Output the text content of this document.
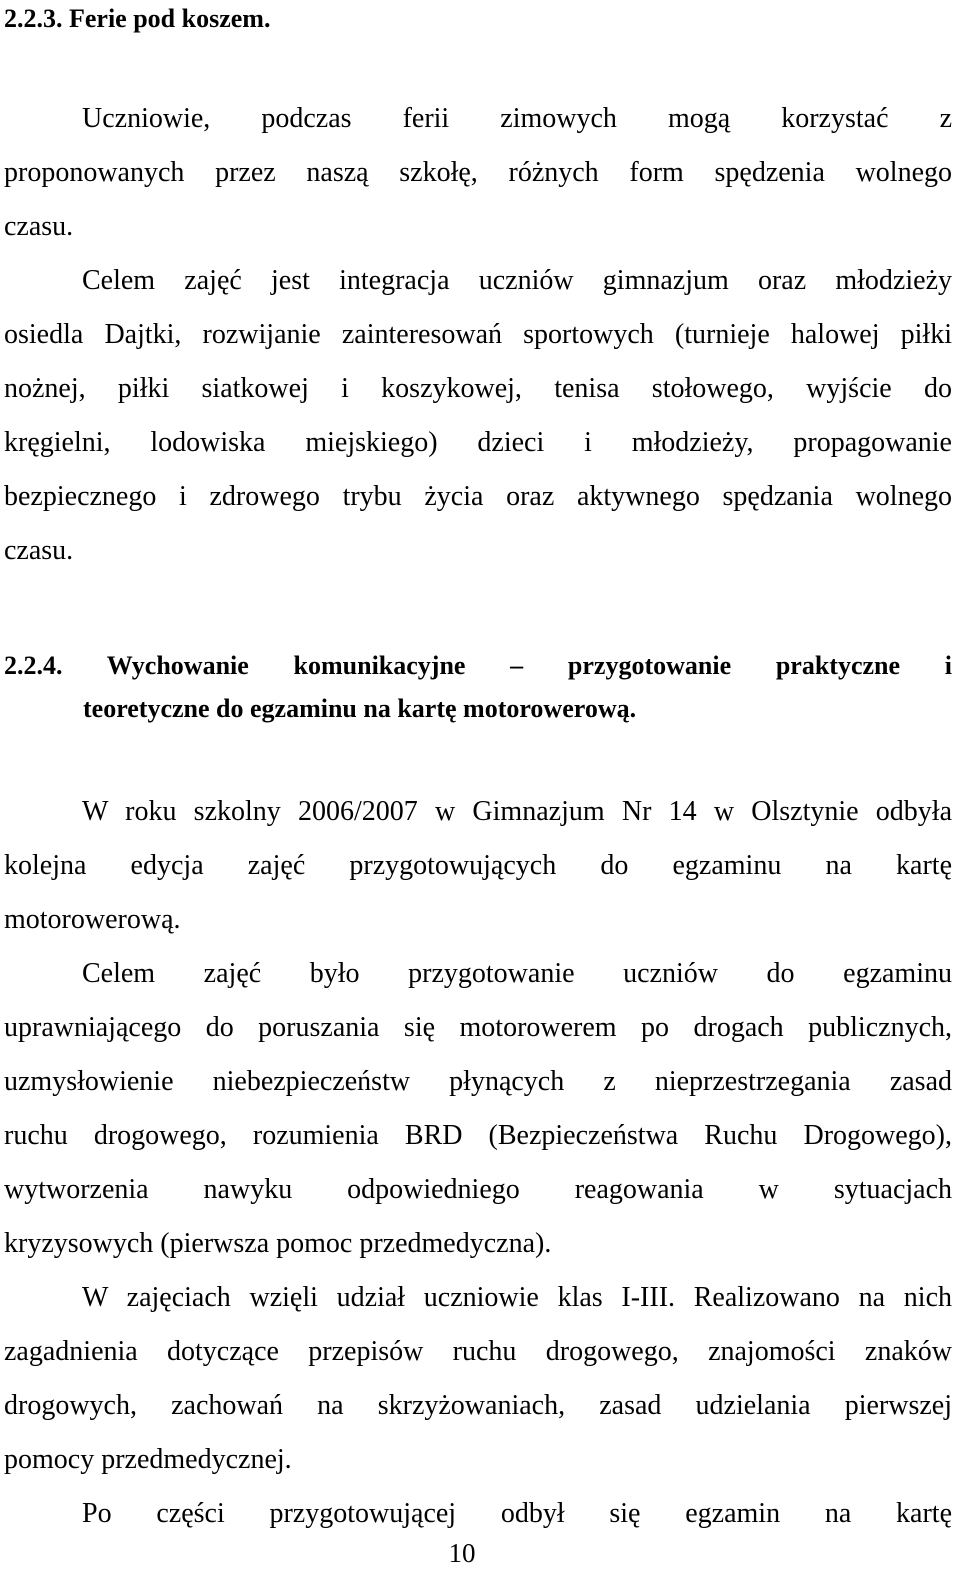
2.2.3. Ferie pod koszem.
Uczniowie, podczas ferii zimowych mogą korzystać z
proponowanych przez naszą szkołę, różnych form spędzenia wolnego
czasu.
Celem zajęć jest integracja uczniów gimnazjum oraz młodzieży
osiedla Dajtki, rozwijanie zainteresowań sportowych (turnieje halowej piłki
nożnej, piłki siatkowej i koszykowej, tenisa stołowego, wyjście do
kręgielni, lodowiska miejskiego) dzieci i młodzieży, propagowanie
bezpiecznego i zdrowego trybu życia oraz aktywnego spędzania wolnego
czasu.
2.2.4. Wychowanie komunikacyjne – przygotowanie praktyczne i
teoretyczne do egzaminu na kartę motorowerową.
W roku szkolny 2006/2007 w Gimnazjum Nr 14 w Olsztynie odbyła
kolejna edycja zajęć przygotowujących do egzaminu na kartę
motorowerową.
Celem zajęć było przygotowanie uczniów do egzaminu
uprawniającego do poruszania się motorowerem po drogach publicznych,
uzmysłowienie niebezpieczeństw płynących z nieprzestrzegania zasad
ruchu drogowego, rozumienia BRD (Bezpieczeństwa Ruchu Drogowego),
wytworzenia nawyku odpowiedniego reagowania w sytuacjach
kryzysowych (pierwsza pomoc przedmedyczna).
W zajęciach wzięli udział uczniowie klas I-III. Realizowano na nich
zagadnienia dotyczące przepisów ruchu drogowego, znajomości znaków
drogowych, zachowań na skrzyżowaniach, zasad udzielania pierwszej
pomocy przedmedycznej.
Po części przygotowującej odbył się egzamin na kartę
10
